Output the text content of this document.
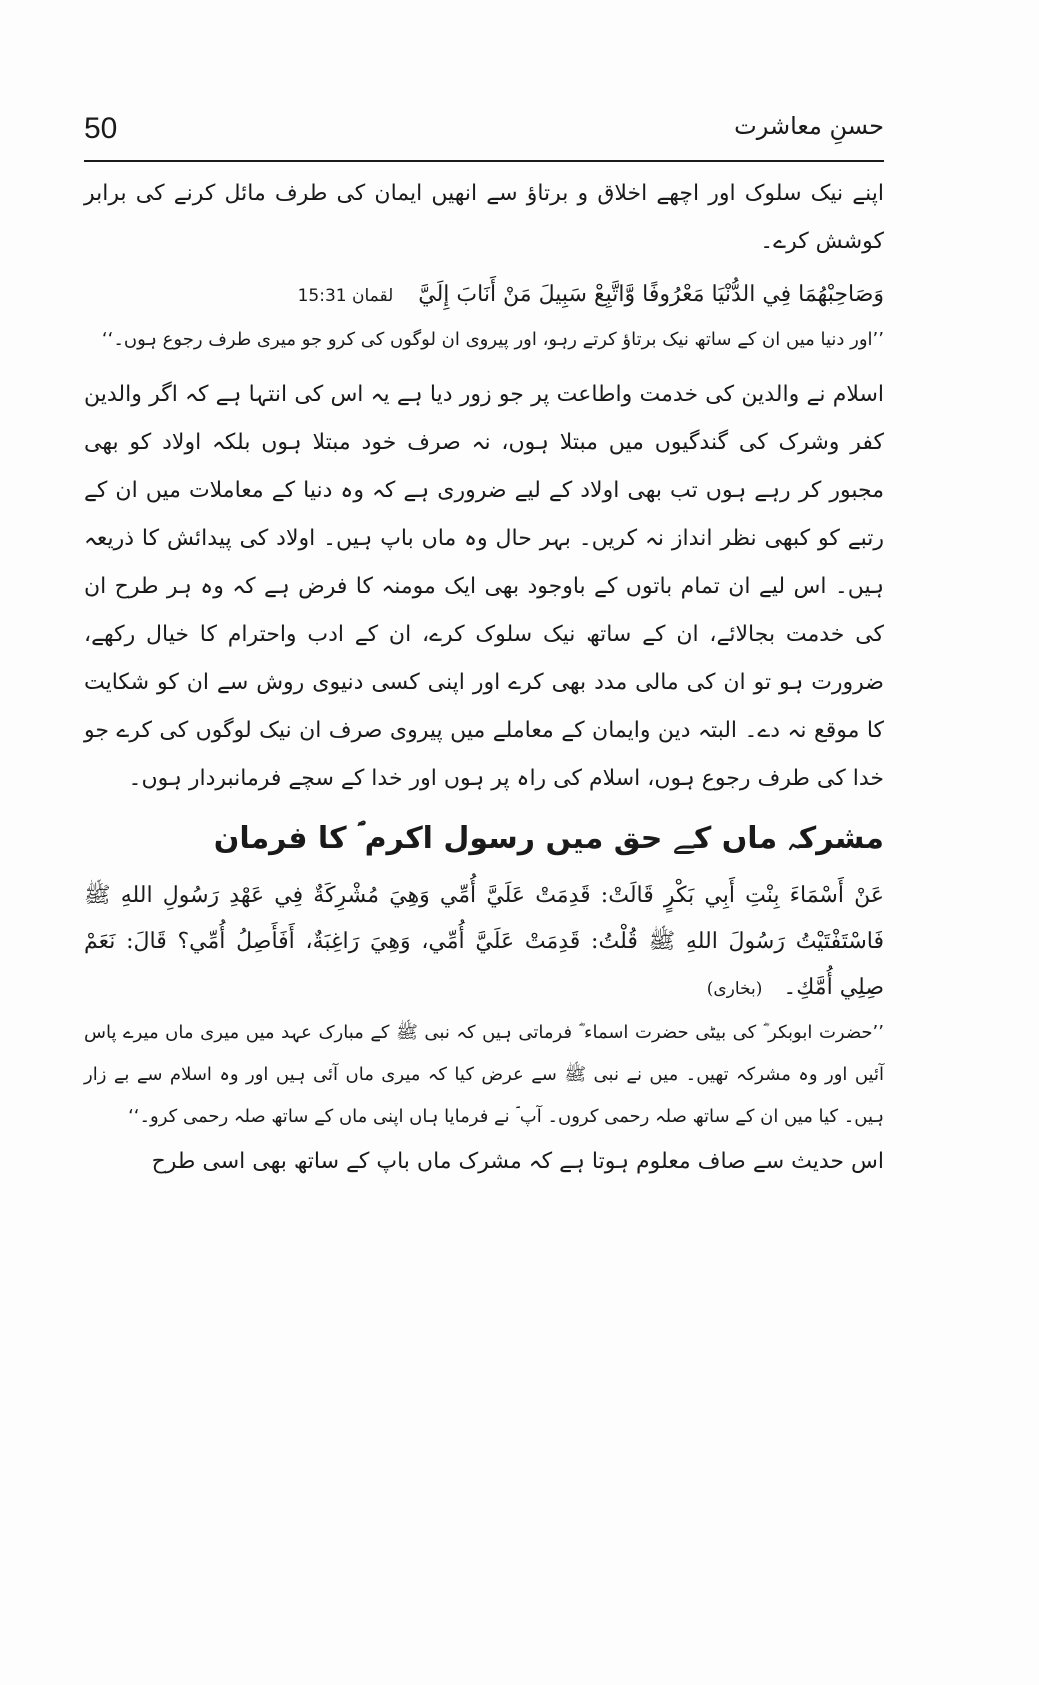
50	حسنِ معاشرت

اپنے نیک سلوک اور اچھے اخلاق و برتاؤ سے انھیں ایمان کی طرف مائل کرنے کی برابر کوشش کرے۔

وَصَاحِبْهُمَا فِي الدُّنْيَا مَعْرُوفًا وَّاتَّبِعْ سَبِيلَ مَنْ أَنَابَ إِلَيَّ لقمان 15:31

’’اور دنیا میں ان کے ساتھ نیک برتاؤ کرتے رہو، اور پیروی ان لوگوں کی کرو جو میری طرف رجوع ہوں۔‘‘

اسلام نے والدین کی خدمت واطاعت پر جو زور دیا ہے یہ اس کی انتہا ہے کہ اگر والدین کفر وشرک کی گندگیوں میں مبتلا ہوں، نہ صرف خود مبتلا ہوں بلکہ اولاد کو بھی مجبور کر رہے ہوں تب بھی اولاد کے لیے ضروری ہے کہ وہ دنیا کے معاملات میں ان کے رتبے کو کبھی نظر انداز نہ کریں۔ بہر حال وہ ماں باپ ہیں۔ اولاد کی پیدائش کا ذریعہ ہیں۔ اس لیے ان تمام باتوں کے باوجود بھی ایک مومنہ کا فرض ہے کہ وہ ہر طرح ان کی خدمت بجالائے، ان کے ساتھ نیک سلوک کرے، ان کے ادب واحترام کا خیال رکھے، ضرورت ہو تو ان کی مالی مدد بھی کرے اور اپنی کسی دنیوی روش سے ان کو شکایت کا موقع نہ دے۔ البتہ دین وایمان کے معاملے میں پیروی صرف ان نیک لوگوں کی کرے جو خدا کی طرف رجوع ہوں، اسلام کی راہ پر ہوں اور خدا کے سچے فرمانبردار ہوں۔

مشرکہ ماں کے حق میں رسول اکرم ؐ کا فرمان

عَنْ أَسْمَاءَ بِنْتِ أَبِي بَكْرٍ قَالَتْ: قَدِمَتْ عَلَيَّ أُمِّي وَهِيَ مُشْرِكَةٌ فِي عَهْدِ رَسُولِ اللهِ ﷺ فَاسْتَفْتَيْتُ رَسُولَ اللهِ ﷺ قُلْتُ: قَدِمَتْ عَلَيَّ أُمِّي، وَهِيَ رَاغِبَةٌ، أَفَأَصِلُ أُمِّي؟ قَالَ: نَعَمْ صِلِي أُمَّكِ۔ (بخاری)

’’حضرت ابوبکر ؓ کی بیٹی حضرت اسماء ؓ فرماتی ہیں کہ نبی ﷺ کے مبارک عہد میں میری ماں میرے پاس آئیں اور وہ مشرکہ تھیں۔ میں نے نبی ﷺ سے عرض کیا کہ میری ماں آئی ہیں اور وہ اسلام سے بے زار ہیں۔ کیا میں ان کے ساتھ صلہ رحمی کروں۔ آپ ؐ نے فرمایا ہاں اپنی ماں کے ساتھ صلہ رحمی کرو۔‘‘

اس حدیث سے صاف معلوم ہوتا ہے کہ مشرک ماں باپ کے ساتھ بھی اسی طرح
